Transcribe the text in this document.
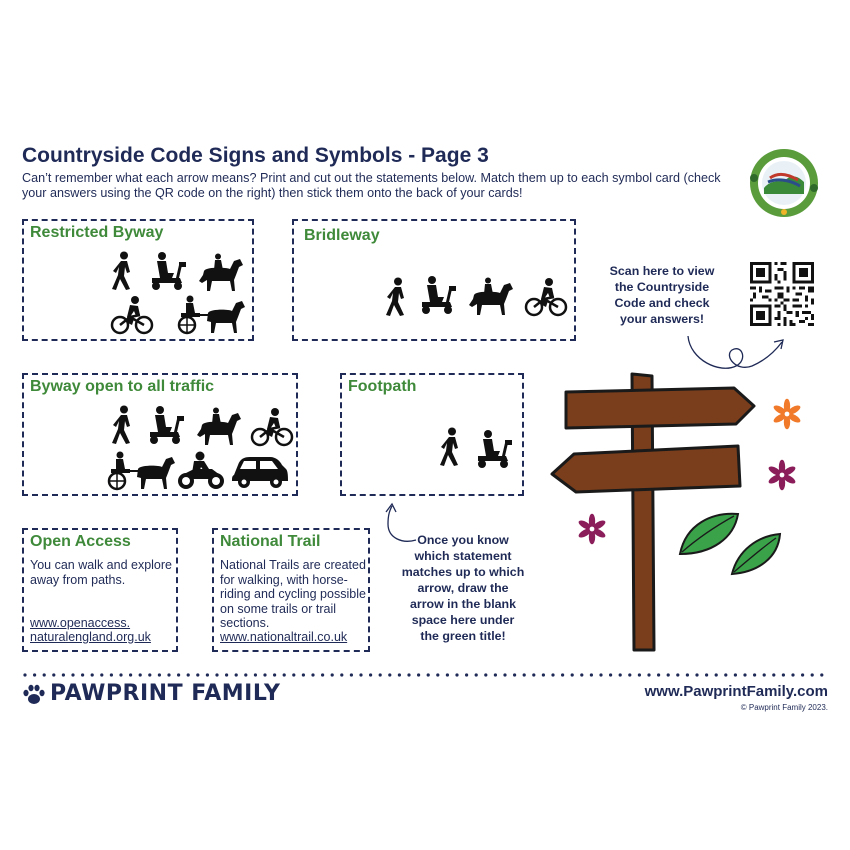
Countryside Code Signs and Symbols - Page 3

Can’t remember what each arrow means? Print and cut out the statements below. Match them up to each symbol card (check your answers using the QR code on the right) then stick them onto the back of your cards!

Restricted Byway	Bridleway
Byway open to all traffic	Footpath
Open Access
You can walk and explore away from paths.
www.openaccess.
naturalengland.org.uk
National Trail
National Trails are created for walking, with horse-riding and cycling possible on some trails or trail sections.
www.nationaltrail.co.uk
Scan here to view
the Countryside
Code and check
your answers!
Once you know
which statement
matches up to which
arrow, draw the
arrow in the blank
space here under
the green title!
PAWPRINT FAMILY	www.PawprintFamily.com
© Pawprint Family 2023.
